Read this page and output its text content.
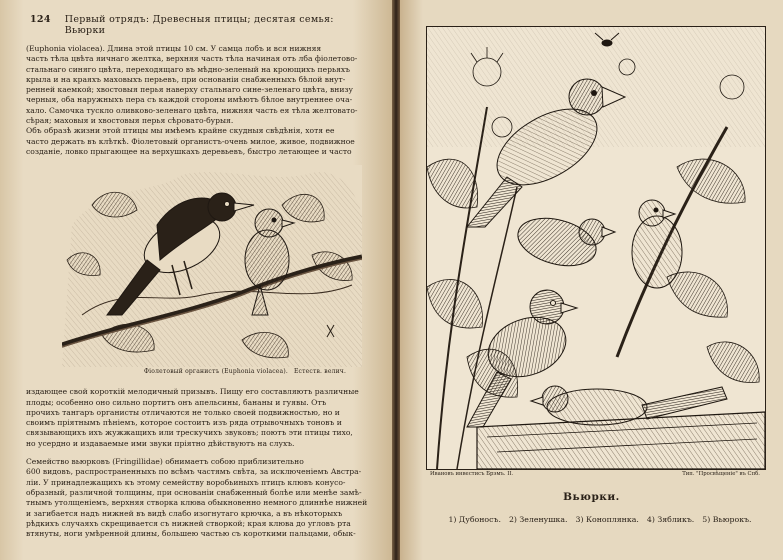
124 Первый отрядъ: Древесныя птицы; десятая семья: Вьюрки

(Euphonia violacea). Длина этой птицы 10 см. У самца лобъ и вся нижняя
часть тѣла цвѣта яичнаго желтка, верхняя часть тѣла начиная отъ лба фіолетово-
стальнаго синяго цвѣта, переходящаго въ мѣдно-зеленый на кроющихъ перьяхъ
крыла и на краяхъ маховыхъ перьевъ, при основаніи снабженныхъ бѣлой внут-
ренней каемкой; хвостовыя перья наверху стальнаго сине-зеленаго цвѣта, внизу
черныя, оба наружныхъ пера съ каждой стороны имѣютъ бѣлое внутреннее оча-
хало. Самочка тускло оливково-зеленаго цвѣта, нижняя часть ея тѣла желтовато-
сѣрая; маховыя и хвостовыя перья сѣровато-бурыя.

Объ образѣ жизни этой птицы мы имѣемъ крайне скудныя свѣдѣнія, хотя ее
часто держать въ клѣткѣ. Фіолетовый органистъ-очень милое, живое, подвижное
созданіе, ловко прыгающее на верхушкахъ деревьевъ, быстро летающее и часто

Фіолетовый органистъ (Euphonia violacea). Естеств. велич.

издающее свой короткій мелодичный призывъ. Пищу его составляютъ различные
плоды; особенно оно сильно портитъ онъ апельсины, бананы и гуявы. Отъ
прочихъ тангаръ органисты отличаются не только своей подвижностью, но и
своимъ пріятнымъ пѣніемъ, которое состоитъ изъ ряда отрывочныхъ тоновъ и
связывающихъ ихъ жужжащихъ или трескучихъ звуковъ; поютъ эти птицы тихо,
но усердно и издаваемые ими звуки пріятно дѣйствуютъ на слухъ.

Семейство вьюрковъ (Fringillidae) обнимаетъ собою приблизительно
600 видовъ, распространенныхъ по всѣмъ частямъ свѣта, за исключеніемъ Австра-
ліи. У принадлежащихъ къ этому семейству воробьиныхъ птицъ клювъ конусо-
образный, различной толщины, при основаніи снабженный болѣе или менѣе замѣ-
тнымъ утолщеніемъ, верхняя створка клюва обыкновенно немного длиннѣе нижней
и загибается надъ нижней въ видѣ слабо изогнутаго крючка, а въ нѣкоторыхъ
рѣдкихъ случаяхъ скрещивается съ нижней створкой; края клюва до угловъ рта
втянуты, ноги умѣренной длины, большею частью съ короткими пальцами, обык-

Ивановъ инвестисъ Брэмъ. II.	Тип. "Просвѣщеніе" въ Спб.
Вьюрки.
1) Дубоносъ. 2) Зеленушка. 3) Коноплянка. 4) Зябликъ. 5) Вьюрокъ.
